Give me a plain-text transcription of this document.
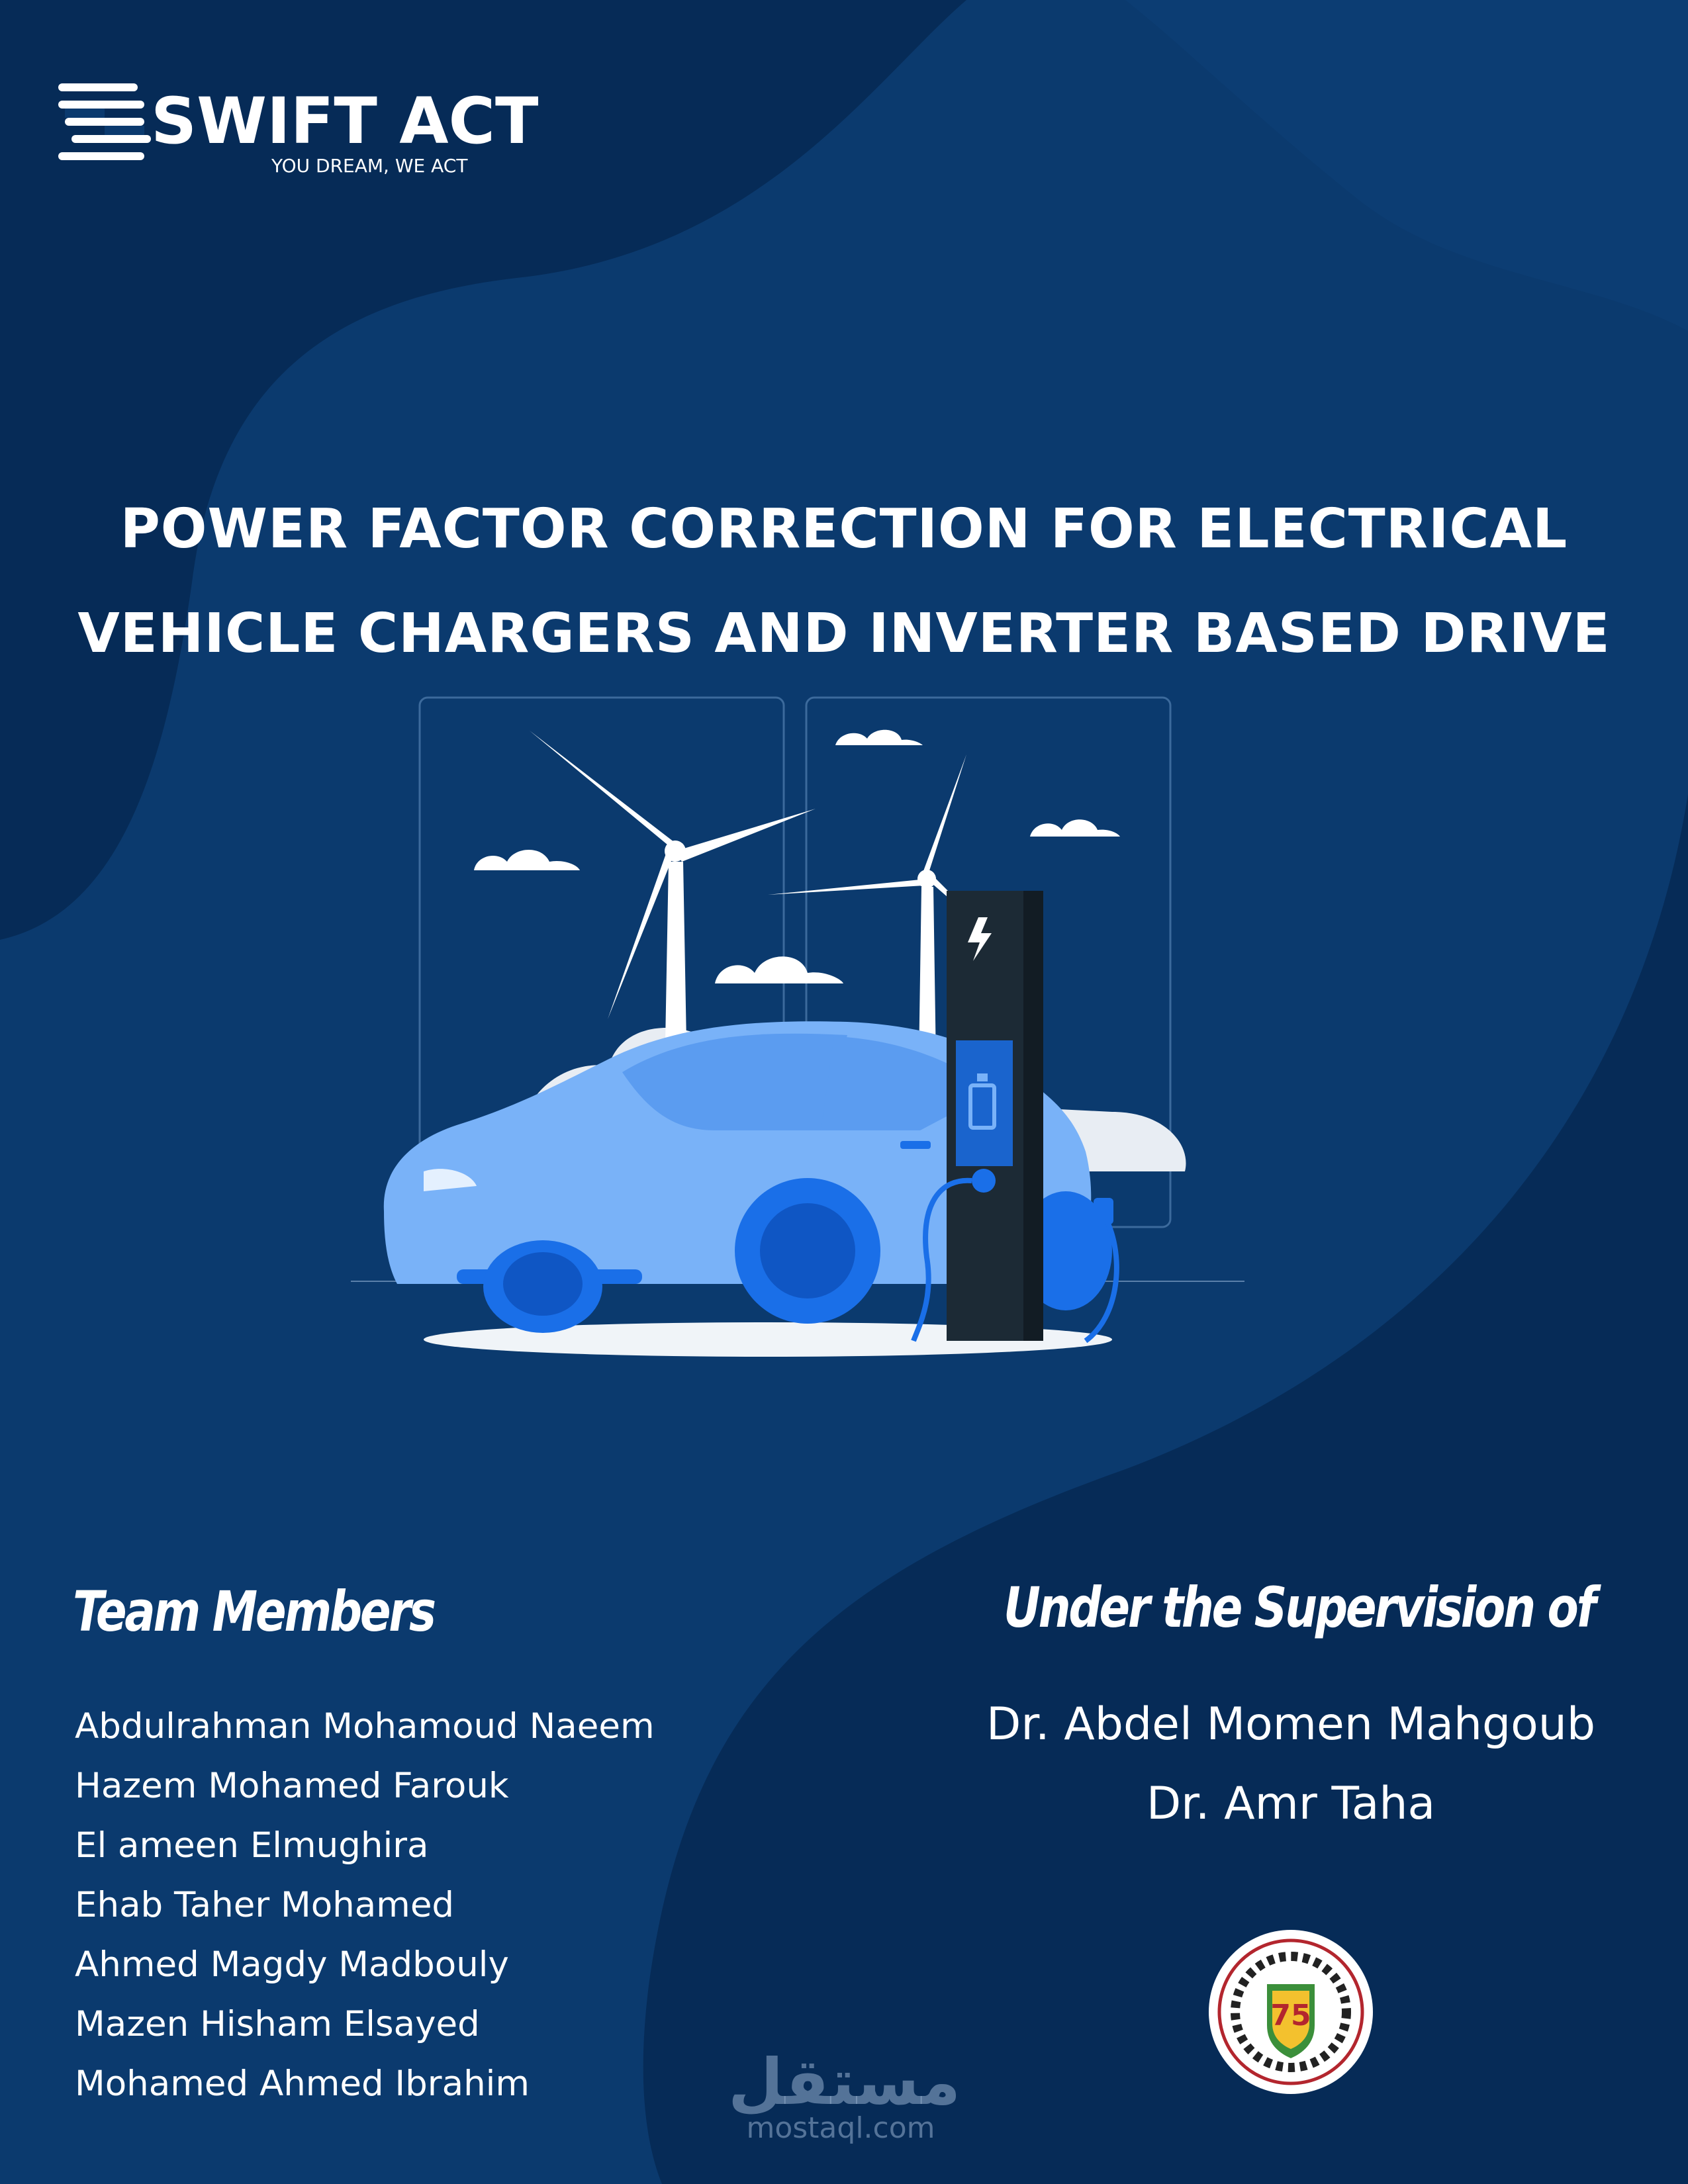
SWIFT ACT
YOU DREAM, WE ACT
POWER FACTOR CORRECTION FOR ELECTRICAL
VEHICLE CHARGERS AND INVERTER BASED DRIVE
Team Members
Abdulrahman Mohamoud Naeem
Hazem Mohamed Farouk
El ameen Elmughira
Ehab Taher Mohamed
Ahmed Magdy Madbouly
Mazen Hisham Elsayed
Mohamed Ahmed Ibrahim
Under the Supervision of
Dr. Abdel Momen Mahgoub
Dr. Amr Taha
75
مستقل
mostaql.com
